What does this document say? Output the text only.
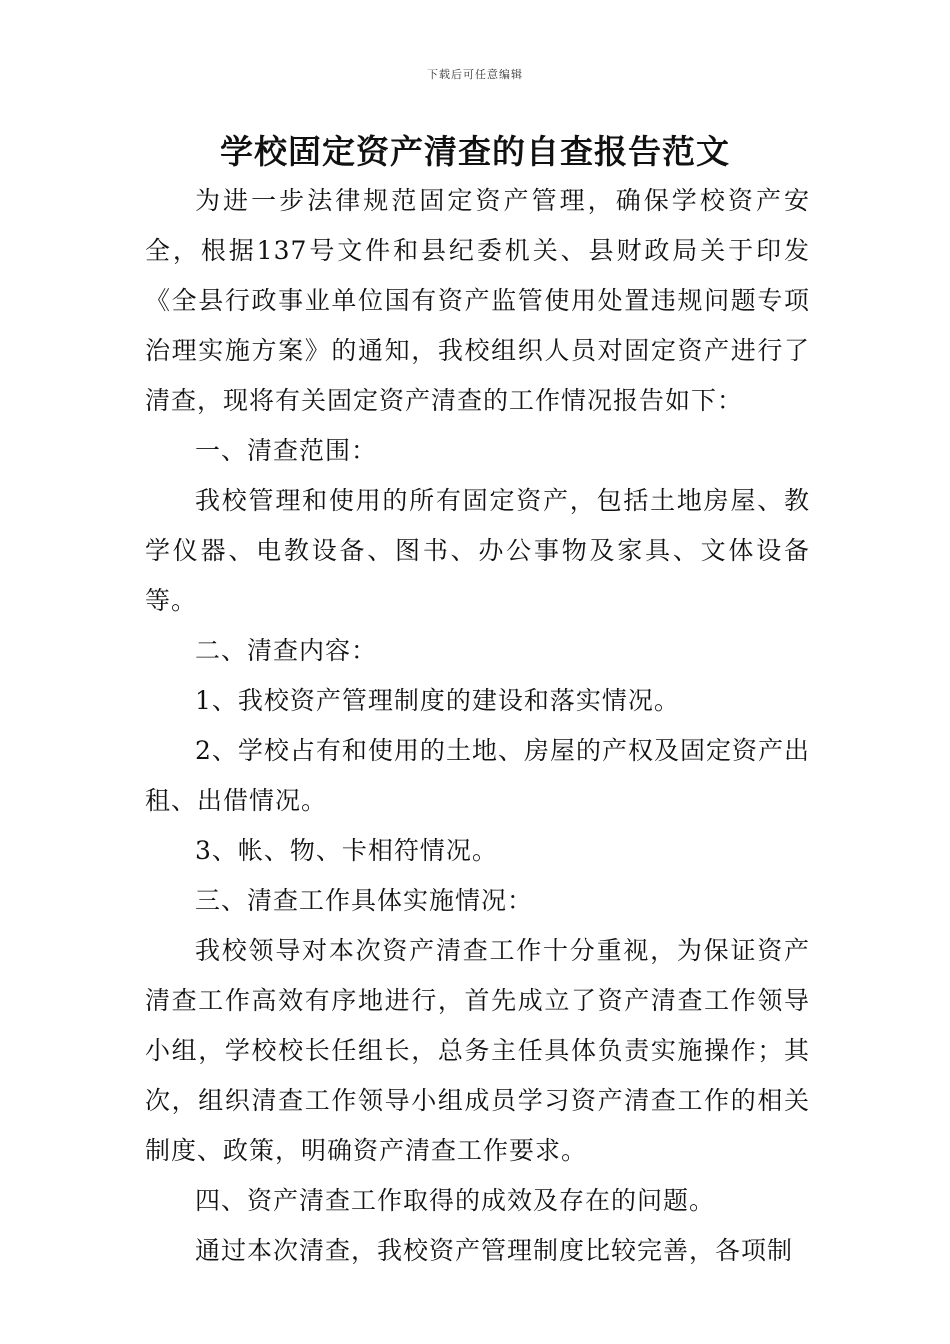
下载后可任意编辑
学校固定资产清查的自查报告范文

为进一步法律规范固定资产管理，确保学校资产安全，根据137号文件和县纪委机关、县财政局关于印发《全县行政事业单位国有资产监管使用处置违规问题专项治理实施方案》的通知，我校组织人员对固定资产进行了清查，现将有关固定资产清查的工作情况报告如下：

一、清查范围：

我校管理和使用的所有固定资产，包括土地房屋、教学仪器、电教设备、图书、办公事物及家具、文体设备等。

二、清查内容：

1、我校资产管理制度的建设和落实情况。

2、学校占有和使用的土地、房屋的产权及固定资产出租、出借情况。

3、帐、物、卡相符情况。

三、清查工作具体实施情况：

我校领导对本次资产清查工作十分重视，为保证资产清查工作高效有序地进行，首先成立了资产清查工作领导小组，学校校长任组长，总务主任具体负责实施操作；其次，组织清查工作领导小组成员学习资产清查工作的相关制度、政策，明确资产清查工作要求。

四、资产清查工作取得的成效及存在的问题。

通过本次清查，我校资产管理制度比较完善，各项制
